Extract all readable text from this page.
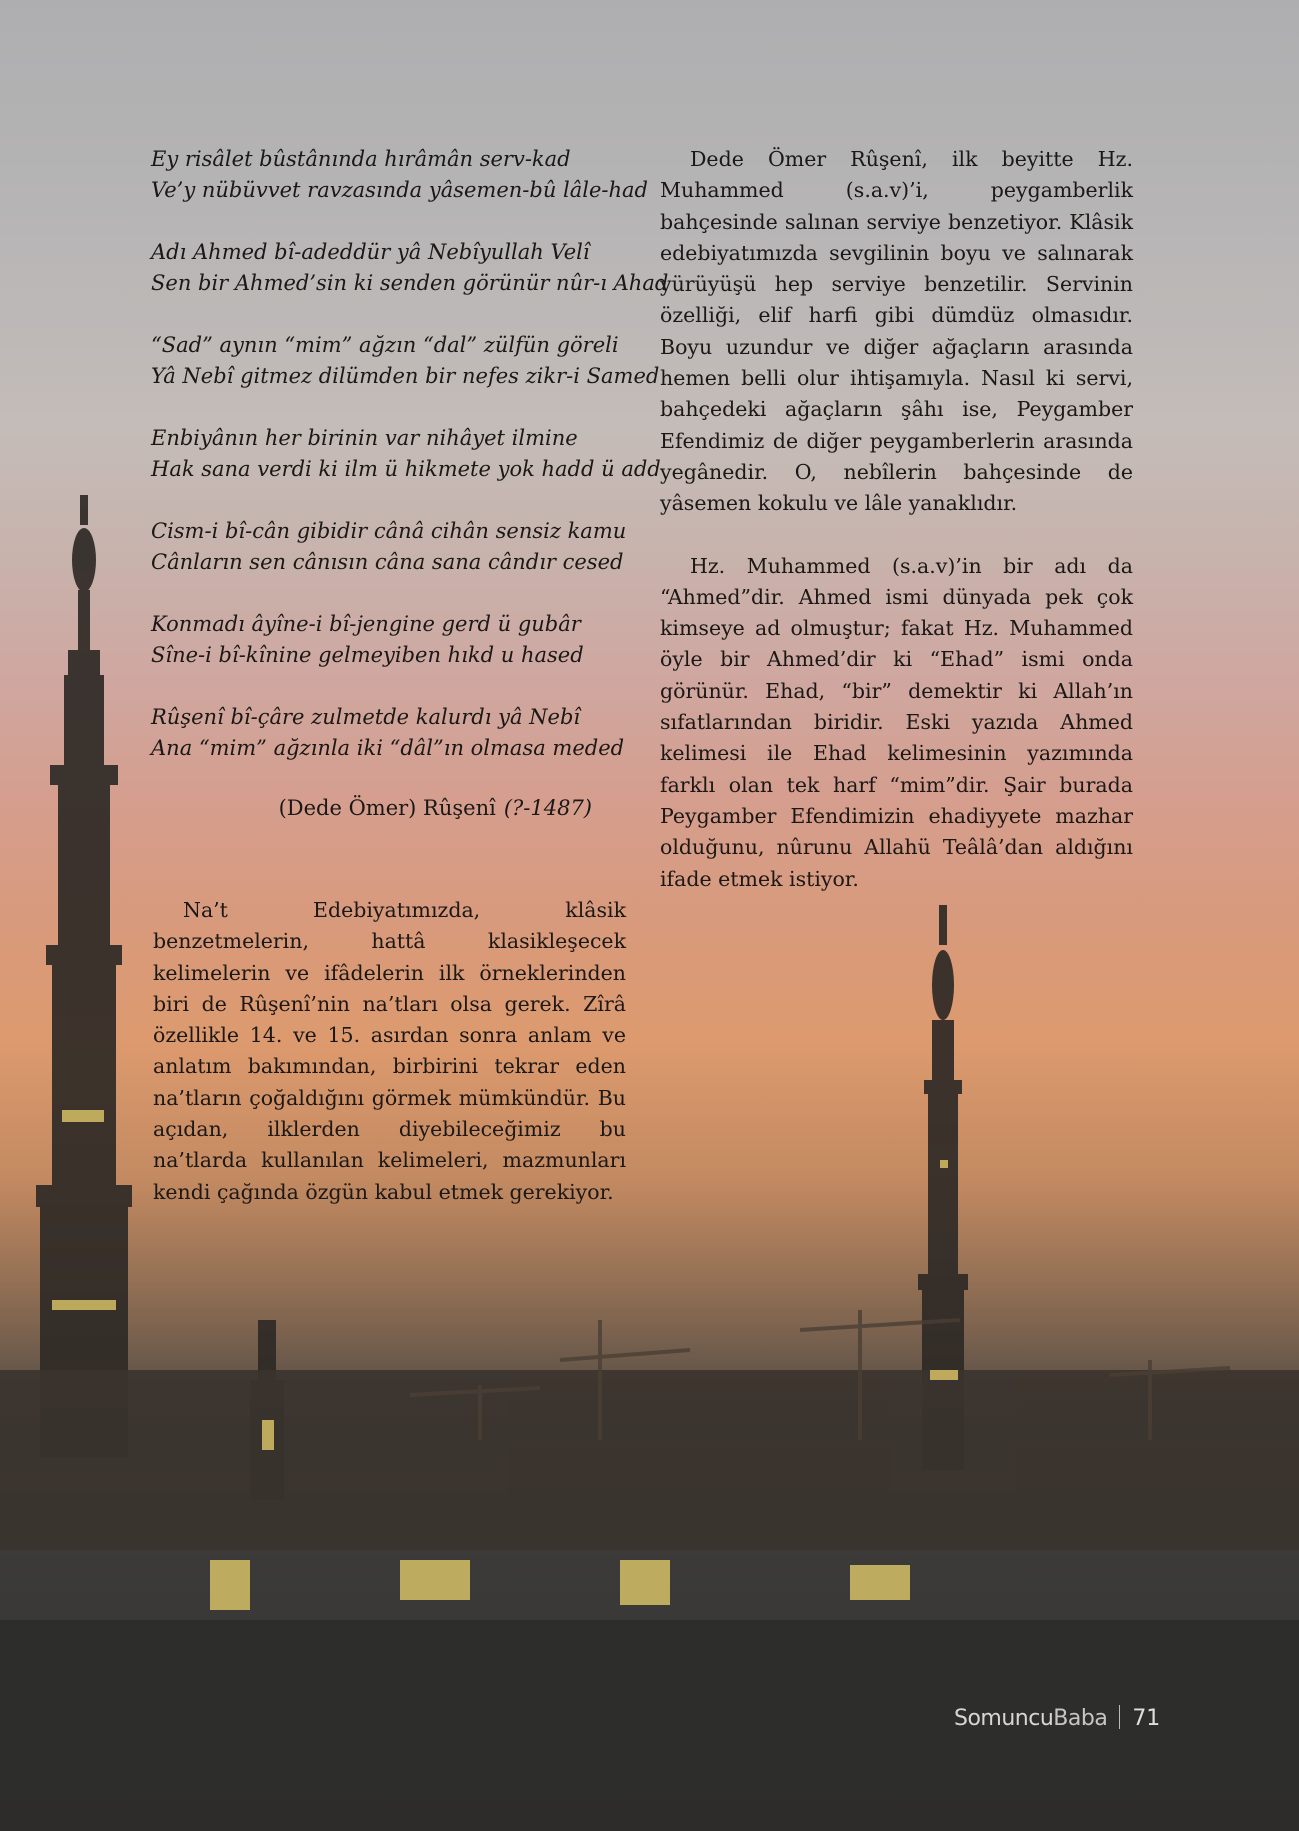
Ey risâlet bûstânında hırâmân serv-kad
Ve’y nübüvvet ravzasında yâsemen-bû lâle-had
Adı Ahmed bî-adeddür yâ Nebîyullah Velî
Sen bir Ahmed’sin ki senden görünür nûr-ı Ahad
“Sad” aynın “mim” ağzın “dal” zülfün göreli
Yâ Nebî gitmez dilümden bir nefes zikr-i Samed
Enbiyânın her birinin var nihâyet ilmine
Hak sana verdi ki ilm ü hikmete yok hadd ü add
Cism-i bî-cân gibidir cânâ cihân sensiz kamu
Cânların sen cânısın câna sana cândır cesed
Konmadı âyîne-i bî-jengine gerd ü gubâr
Sîne-i bî-kînine gelmeyiben hıkd u hased
Rûşenî bî-çâre zulmetde kalurdı yâ Nebî
Ana “mim” ağzınla iki “dâl”ın olmasa meded
(Dede Ömer) Rûşenî (?-1487)

Dede Ömer Rûşenî, ilk beyitte Hz. Muhammed (s.a.v)’i, peygamberlik bahçesinde salınan serviye benzetiyor. Klâsik edebiyatımızda sevgilinin boyu ve salınarak yürüyüşü hep serviye benzetilir. Servinin özelliği, elif harfi gibi dümdüz olmasıdır. Boyu uzundur ve diğer ağaçların arasında hemen belli olur ihtişamıyla. Nasıl ki servi, bahçedeki ağaçların şâhı ise, Peygamber Efendimiz de diğer peygamberlerin arasında yegânedir. O, nebîlerin bahçesinde de yâsemen kokulu ve lâle yanaklıdır.

Hz. Muhammed (s.a.v)’in bir adı da “Ahmed”dir. Ahmed ismi dünyada pek çok kimseye ad olmuştur; fakat Hz. Muhammed öyle bir Ahmed’dir ki “Ehad” ismi onda görünür. Ehad, “bir” demektir ki Allah’ın sıfatlarından biridir. Eski yazıda Ahmed kelimesi ile Ehad kelimesinin yazımında farklı olan tek harf “mim”dir. Şair burada Peygamber Efendimizin ehadiyyete mazhar olduğunu, nûrunu Allahü Teâlâ’dan aldığını ifade etmek istiyor.

Na’t Edebiyatımızda, klâsik benzetmelerin, hattâ klasikleşecek kelimelerin ve ifâdelerin ilk örneklerinden biri de Rûşenî’nin na’tları olsa gerek. Zîrâ özellikle 14. ve 15. asırdan sonra anlam ve anlatım bakımından, birbirini tekrar eden na’tların çoğaldığını görmek mümkündür. Bu açıdan, ilklerden diyebileceğimiz bu na’tlarda kullanılan kelimeleri, mazmunları kendi çağında özgün kabul etmek gerekiyor.

SomuncuBaba 71
